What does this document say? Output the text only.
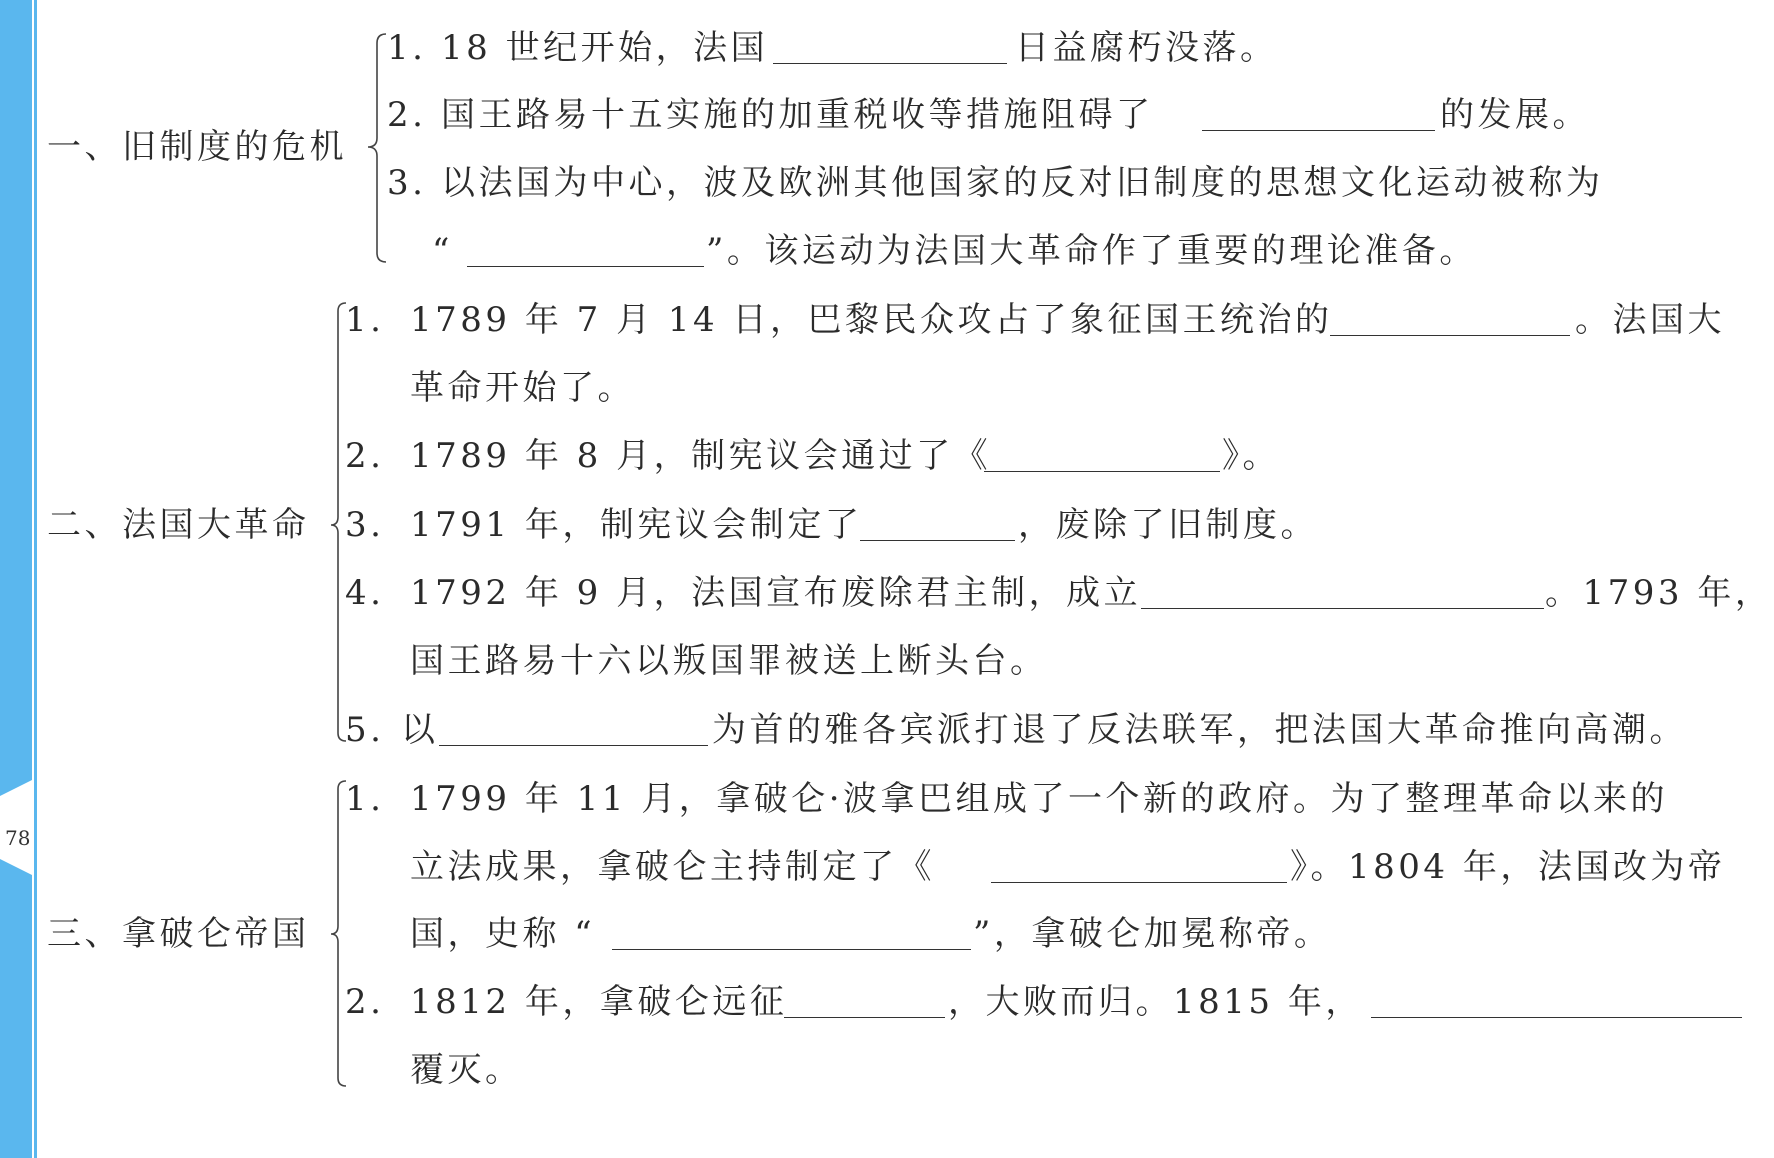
78
一、旧制度的危机
1. 18 世纪开始，法国	日益腐朽没落。
2. 国王路易十五实施的加重税收等措施阻碍了	的发展。
3. 以法国为中心，波及欧洲其他国家的反对旧制度的思想文化运动被称为
“	”。该运动为法国大革命作了重要的理论准备。
二、法国大革命
1. 1789 年 7 月 14 日，巴黎民众攻占了象征国王统治的	。法国大
革命开始了。
2. 1789 年 8 月，制宪议会通过了《	》。
3. 1791 年，制宪议会制定了	，废除了旧制度。
4. 1792 年 9 月，法国宣布废除君主制，成立	。1793 年，
国王路易十六以叛国罪被送上断头台。
5. 以	为首的雅各宾派打退了反法联军，把法国大革命推向高潮。
三、拿破仑帝国
1. 1799 年 11 月，拿破仑·波拿巴组成了一个新的政府。为了整理革命以来的
立法成果，拿破仑主持制定了《	》。1804 年，法国改为帝
国，史称 “	”，拿破仑加冕称帝。
2. 1812 年，拿破仑远征	，大败而归。1815 年，
覆灭。
